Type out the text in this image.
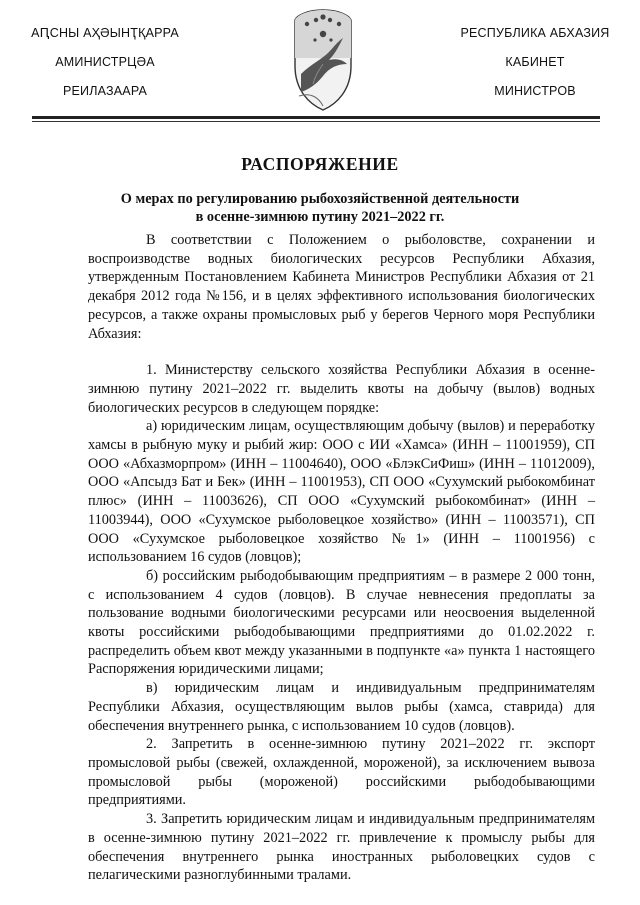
АԤСНЫ АҲӘЫНҬҚАРРА
АМИНИСТРЦӘА
РЕИЛАЗААРА
РЕСПУБЛИКА АБХАЗИЯ
КАБИНЕТ
МИНИСТРОВ
РАСПОРЯЖЕНИЕ
О мерах по регулированию рыбохозяйственной деятельности
в осенне-зимнюю путину 2021–2022 гг.

В соответствии с Положением о рыболовстве, сохранении и воспроизводстве водных биологических ресурсов Республики Абхазия, утвержденным Постановлением Кабинета Министров Республики Абхазия от 21 декабря 2012 года №156, и в целях эффективного использования биологических ресурсов, а также охраны промысловых рыб у берегов Черного моря Республики Абхазия:

1. Министерству сельского хозяйства Республики Абхазия в осенне-зимнюю путину 2021–2022 гг. выделить квоты на добычу (вылов) водных биологических ресурсов в следующем порядке:

а) юридическим лицам, осуществляющим добычу (вылов) и переработку хамсы в рыбную муку и рыбий жир: ООО с ИИ «Хамса» (ИНН – 11001959), СП ООО «Абхазморпром» (ИНН – 11004640), ООО «БлэкСиФиш» (ИНН – 11012009), ООО «Апсыдз Бат и Бек» (ИНН – 11001953), СП ООО «Сухумский рыбокомбинат плюс» (ИНН – 11003626), СП ООО «Сухумский рыбокомбинат» (ИНН – 11003944), ООО «Сухумское рыболовецкое хозяйство» (ИНН – 11003571), СП ООО «Сухумское рыболовецкое хозяйство №1» (ИНН – 11001956) с использованием 16 судов (ловцов);

б) российским рыбодобывающим предприятиям – в размере 2 000 тонн, с использованием 4 судов (ловцов). В случае невнесения предоплаты за пользование водными биологическими ресурсами или неосвоения выделенной квоты российскими рыбодобывающими предприятиями до 01.02.2022 г. распределить объем квот между указанными в подпункте «а» пункта 1 настоящего Распоряжения юридическими лицами;

в) юридическим лицам и индивидуальным предпринимателям Республики Абхазия, осуществляющим вылов рыбы (хамса, ставрида) для обеспечения внутреннего рынка, с использованием 10 судов (ловцов).

2. Запретить в осенне-зимнюю путину 2021–2022 гг. экспорт промысловой рыбы (свежей, охлажденной, мороженой), за исключением вывоза промысловой рыбы (мороженой) российскими рыбодобывающими предприятиями.

3. Запретить юридическим лицам и индивидуальным предпринимателям в осенне-зимнюю путину 2021–2022 гг. привлечение к промыслу рыбы для обеспечения внутреннего рынка иностранных рыболовецких судов с пелагическими разноглубинными тралами.
